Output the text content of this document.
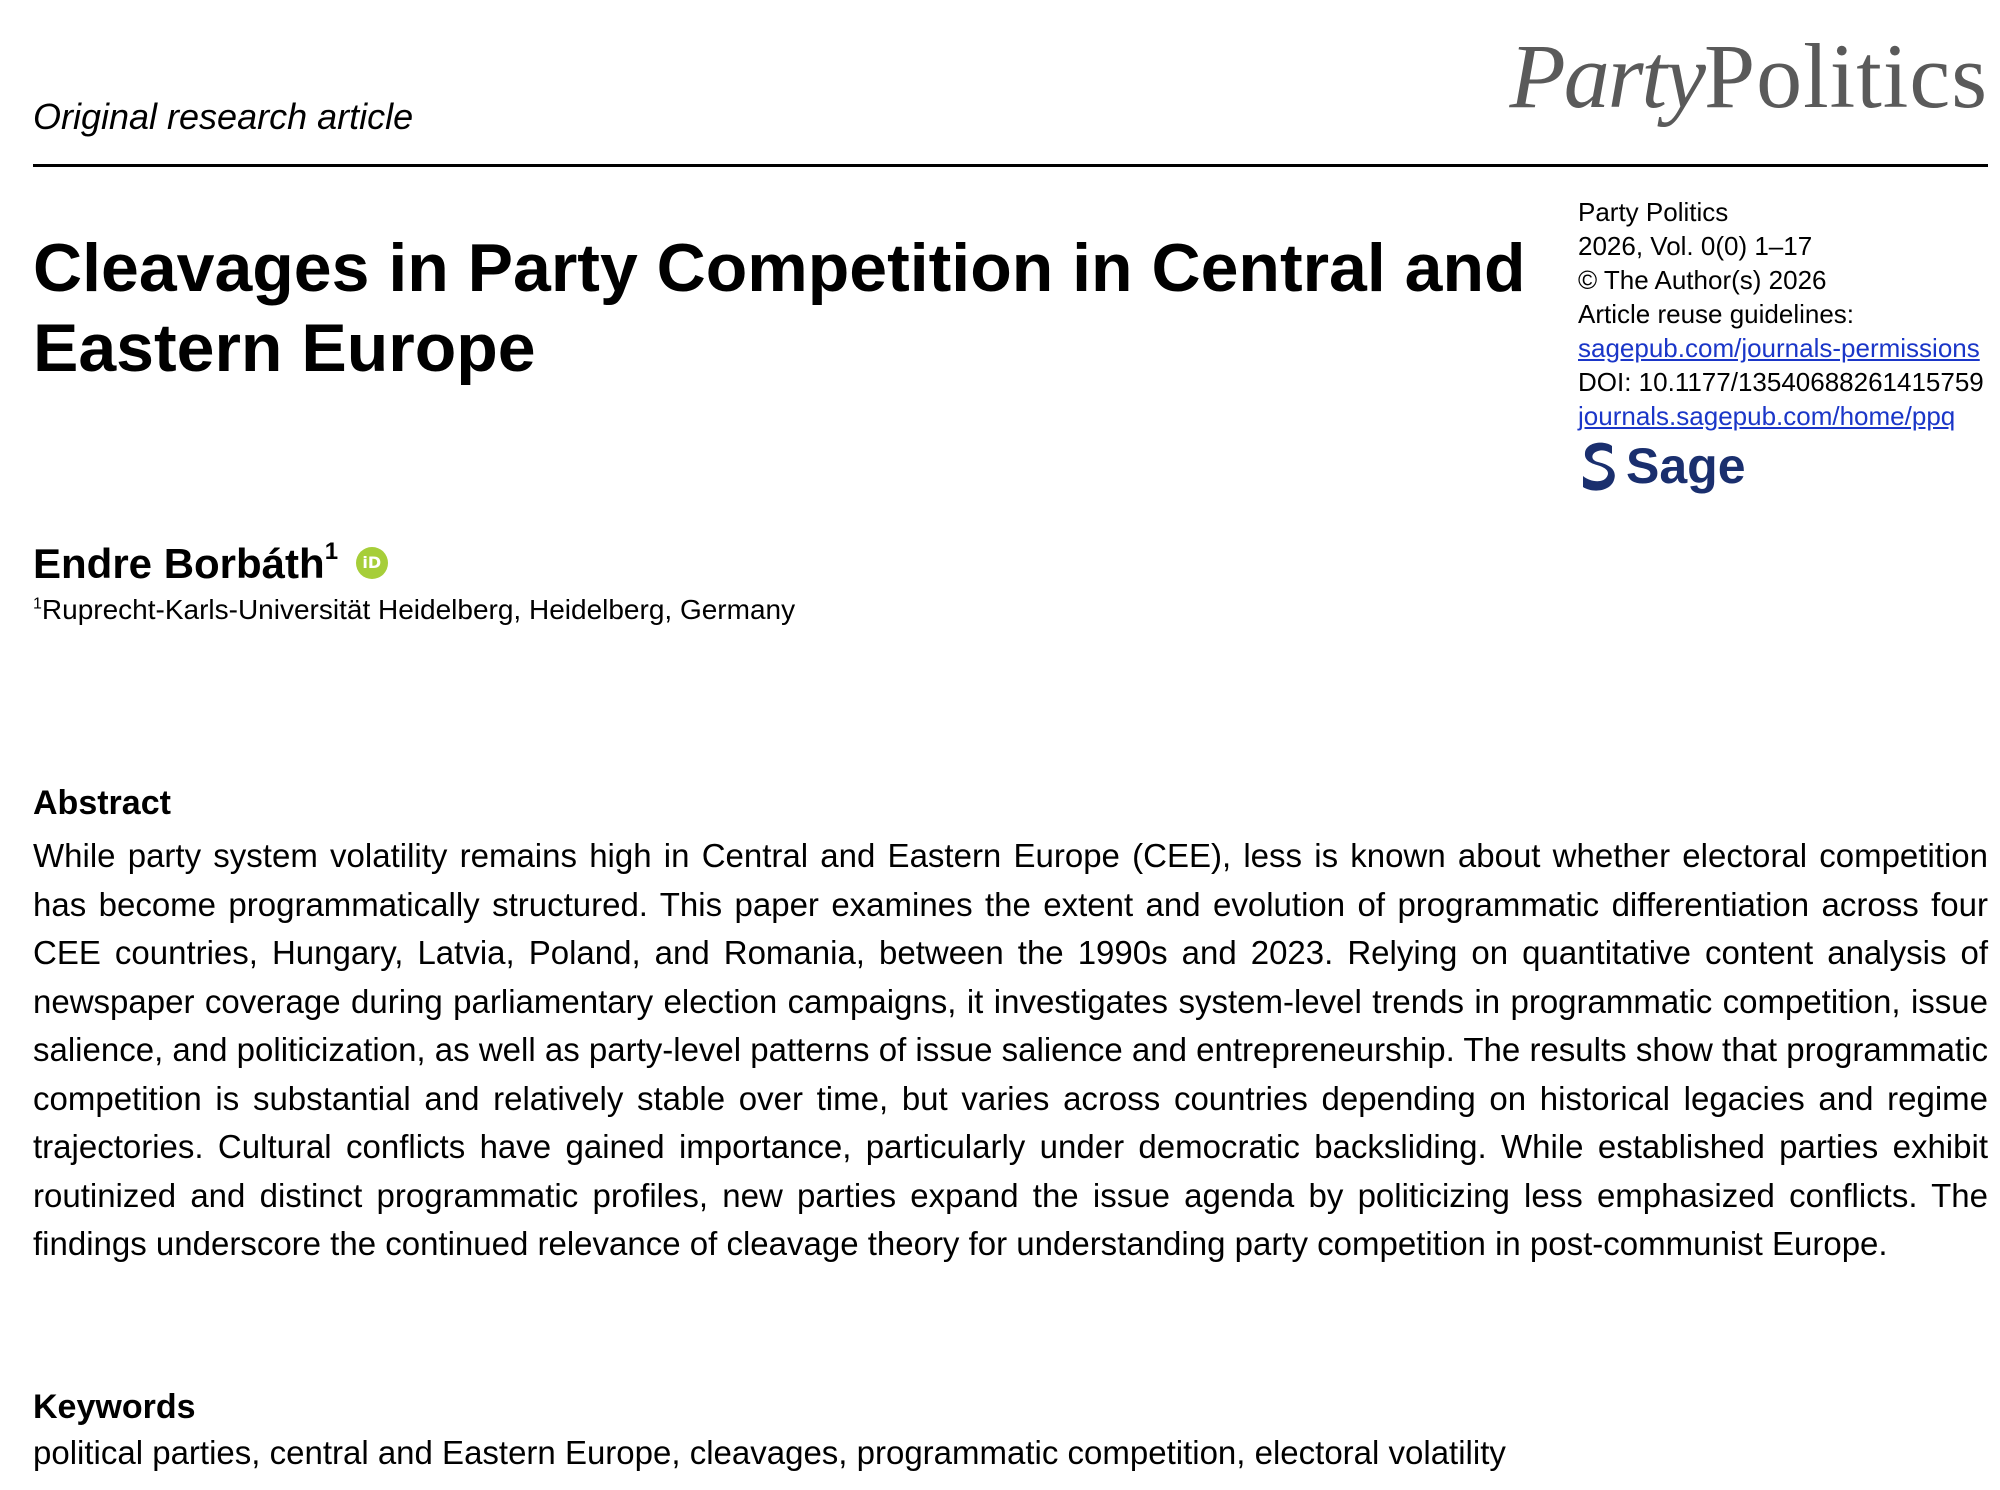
Original research article	PartyPolitics
Cleavages in Party Competition in Central and Eastern Europe
Party Politics
2026, Vol. 0(0) 1–17
© The Author(s) 2026
Article reuse guidelines:
sagepub.com/journals-permissions
DOI: 10.1177/13540688261415759
journals.sagepub.com/home/ppq
Sage
Endre Borbáth$^1$ iD
$^1$Ruprecht-Karls-Universität Heidelberg, Heidelberg, Germany
Abstract

While party system volatility remains high in Central and Eastern Europe (CEE), less is known about whether electoral competition has become programmatically structured. This paper examines the extent and evolution of programmatic differentiation across four CEE countries, Hungary, Latvia, Poland, and Romania, between the 1990s and 2023. Relying on quantitative content analysis of newspaper coverage during parliamentary election campaigns, it investigates system-level trends in programmatic competition, issue salience, and politicization, as well as party-level patterns of issue salience and entrepreneurship. The results show that programmatic competition is substantial and relatively stable over time, but varies across countries depending on historical legacies and regime trajectories. Cultural conflicts have gained importance, particularly under democratic backsliding. While established parties exhibit routinized and distinct programmatic profiles, new parties expand the issue agenda by politicizing less emphasized conflicts. The findings underscore the continued relevance of cleavage theory for understanding party competition in post-communist Europe.

Keywords

political parties, central and Eastern Europe, cleavages, programmatic competition, electoral volatility
